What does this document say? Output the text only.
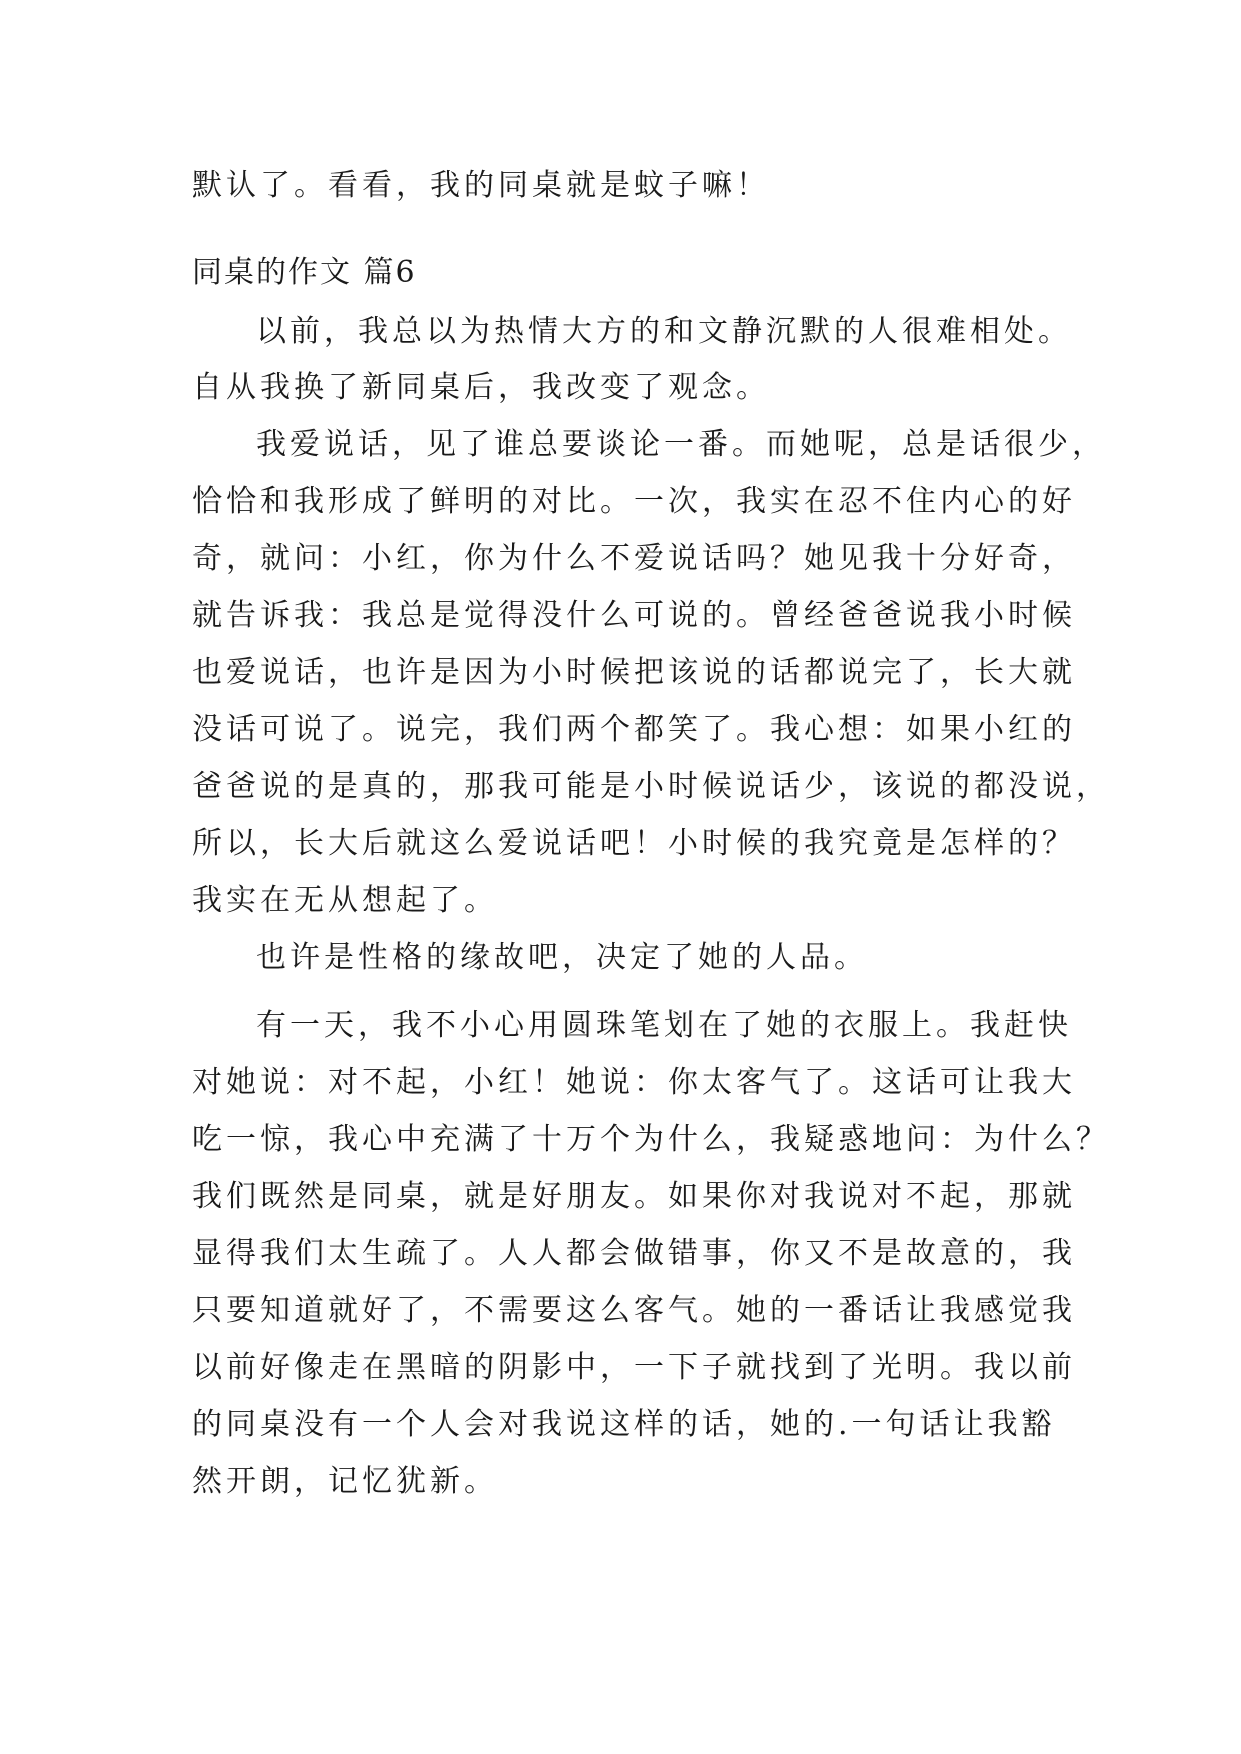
默认了。看看，我的同桌就是蚊子嘛！
同桌的作文 篇6
以前，我总以为热情大方的和文静沉默的人很难相处。
自从我换了新同桌后，我改变了观念。
我爱说话，见了谁总要谈论一番。而她呢，总是话很少，
恰恰和我形成了鲜明的对比。一次，我实在忍不住内心的好
奇，就问：小红，你为什么不爱说话吗？她见我十分好奇，
就告诉我：我总是觉得没什么可说的。曾经爸爸说我小时候
也爱说话，也许是因为小时候把该说的话都说完了，长大就
没话可说了。说完，我们两个都笑了。我心想：如果小红的
爸爸说的是真的，那我可能是小时候说话少，该说的都没说，
所以，长大后就这么爱说话吧！小时候的我究竟是怎样的？
我实在无从想起了。
也许是性格的缘故吧，决定了她的人品。
有一天，我不小心用圆珠笔划在了她的衣服上。我赶快
对她说：对不起，小红！她说：你太客气了。这话可让我大
吃一惊，我心中充满了十万个为什么，我疑惑地问：为什么？
我们既然是同桌，就是好朋友。如果你对我说对不起，那就
显得我们太生疏了。人人都会做错事，你又不是故意的，我
只要知道就好了，不需要这么客气。她的一番话让我感觉我
以前好像走在黑暗的阴影中，一下子就找到了光明。我以前
的同桌没有一个人会对我说这样的话，她的.一句话让我豁
然开朗，记忆犹新。
